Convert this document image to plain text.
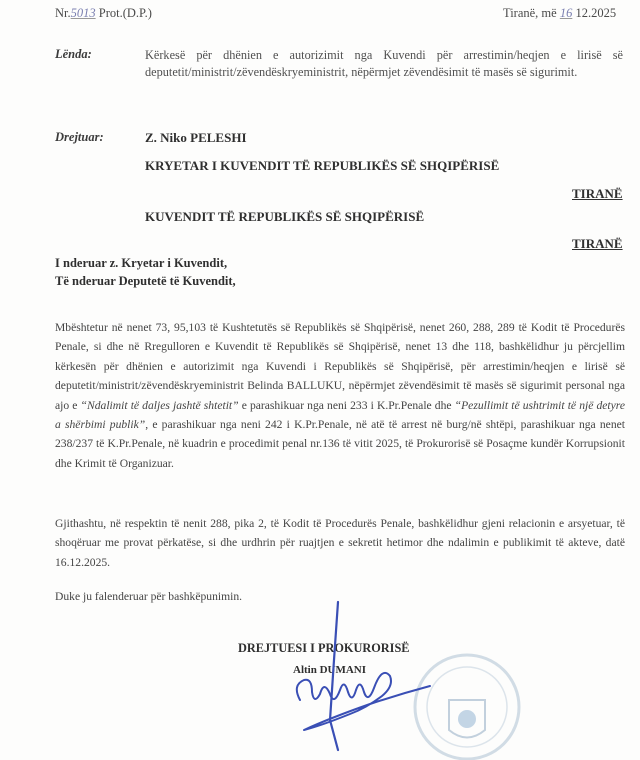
Nr.5013 Prot.(D.P.)	Tiranë, më 16 12.2025
Lënda:	Kërkesë për dhënien e autorizimit nga Kuvendi për arrestimin/heqjen e lirisë së deputetit/ministrit/zëvendëskryeministrit, nëpërmjet zëvendësimit të masës së sigurimit.
Drejtuar:	Z. Niko PELESHI
KRYETAR I KUVENDIT TË REPUBLIKËS SË SHQIPËRISË
TIRANË
KUVENDIT TË REPUBLIKËS SË SHQIPËRISË
TIRANË
I nderuar z. Kryetar i Kuvendit,
Të nderuar Deputetë të Kuvendit,
Mbështetur në nenet 73, 95,103 të Kushtetutës së Republikës së Shqipërisë, nenet 260, 288, 289 të Kodit të Procedurës Penale, si dhe në Rregulloren e Kuvendit të Republikës së Shqipërisë, nenet 13 dhe 118, bashkëlidhur ju përcjellim kërkesën për dhënien e autorizimit nga Kuvendi i Republikës së Shqipërisë, për arrestimin/heqjen e lirisë së deputetit/ministrit/zëvendëskryeministrit Belinda BALLUKU, nëpërmjet zëvendësimit të masës së sigurimit personal nga ajo e “Ndalimit të daljes jashtë shtetit” e parashikuar nga neni 233 i K.Pr.Penale dhe “Pezullimit të ushtrimit të një detyre a shërbimi publik”, e parashikuar nga neni 242 i K.Pr.Penale, në atë të arrest në burg/në shtëpi, parashikuar nga nenet 238/237 të K.Pr.Penale, në kuadrin e procedimit penal nr.136 të vitit 2025, të Prokurorisë së Posaçme kundër Korrupsionit dhe Krimit të Organizuar.
Gjithashtu, në respektin të nenit 288, pika 2, të Kodit të Procedurës Penale, bashkëlidhur gjeni relacionin e arsyetuar, të shoqëruar me provat përkatëse, si dhe urdhrin për ruajtjen e sekretit hetimor dhe ndalimin e publikimit të akteve, datë 16.12.2025.
Duke ju falenderuar për bashkëpunimin.
DREJTUESI I PROKURORISË
Altin DUMANI
